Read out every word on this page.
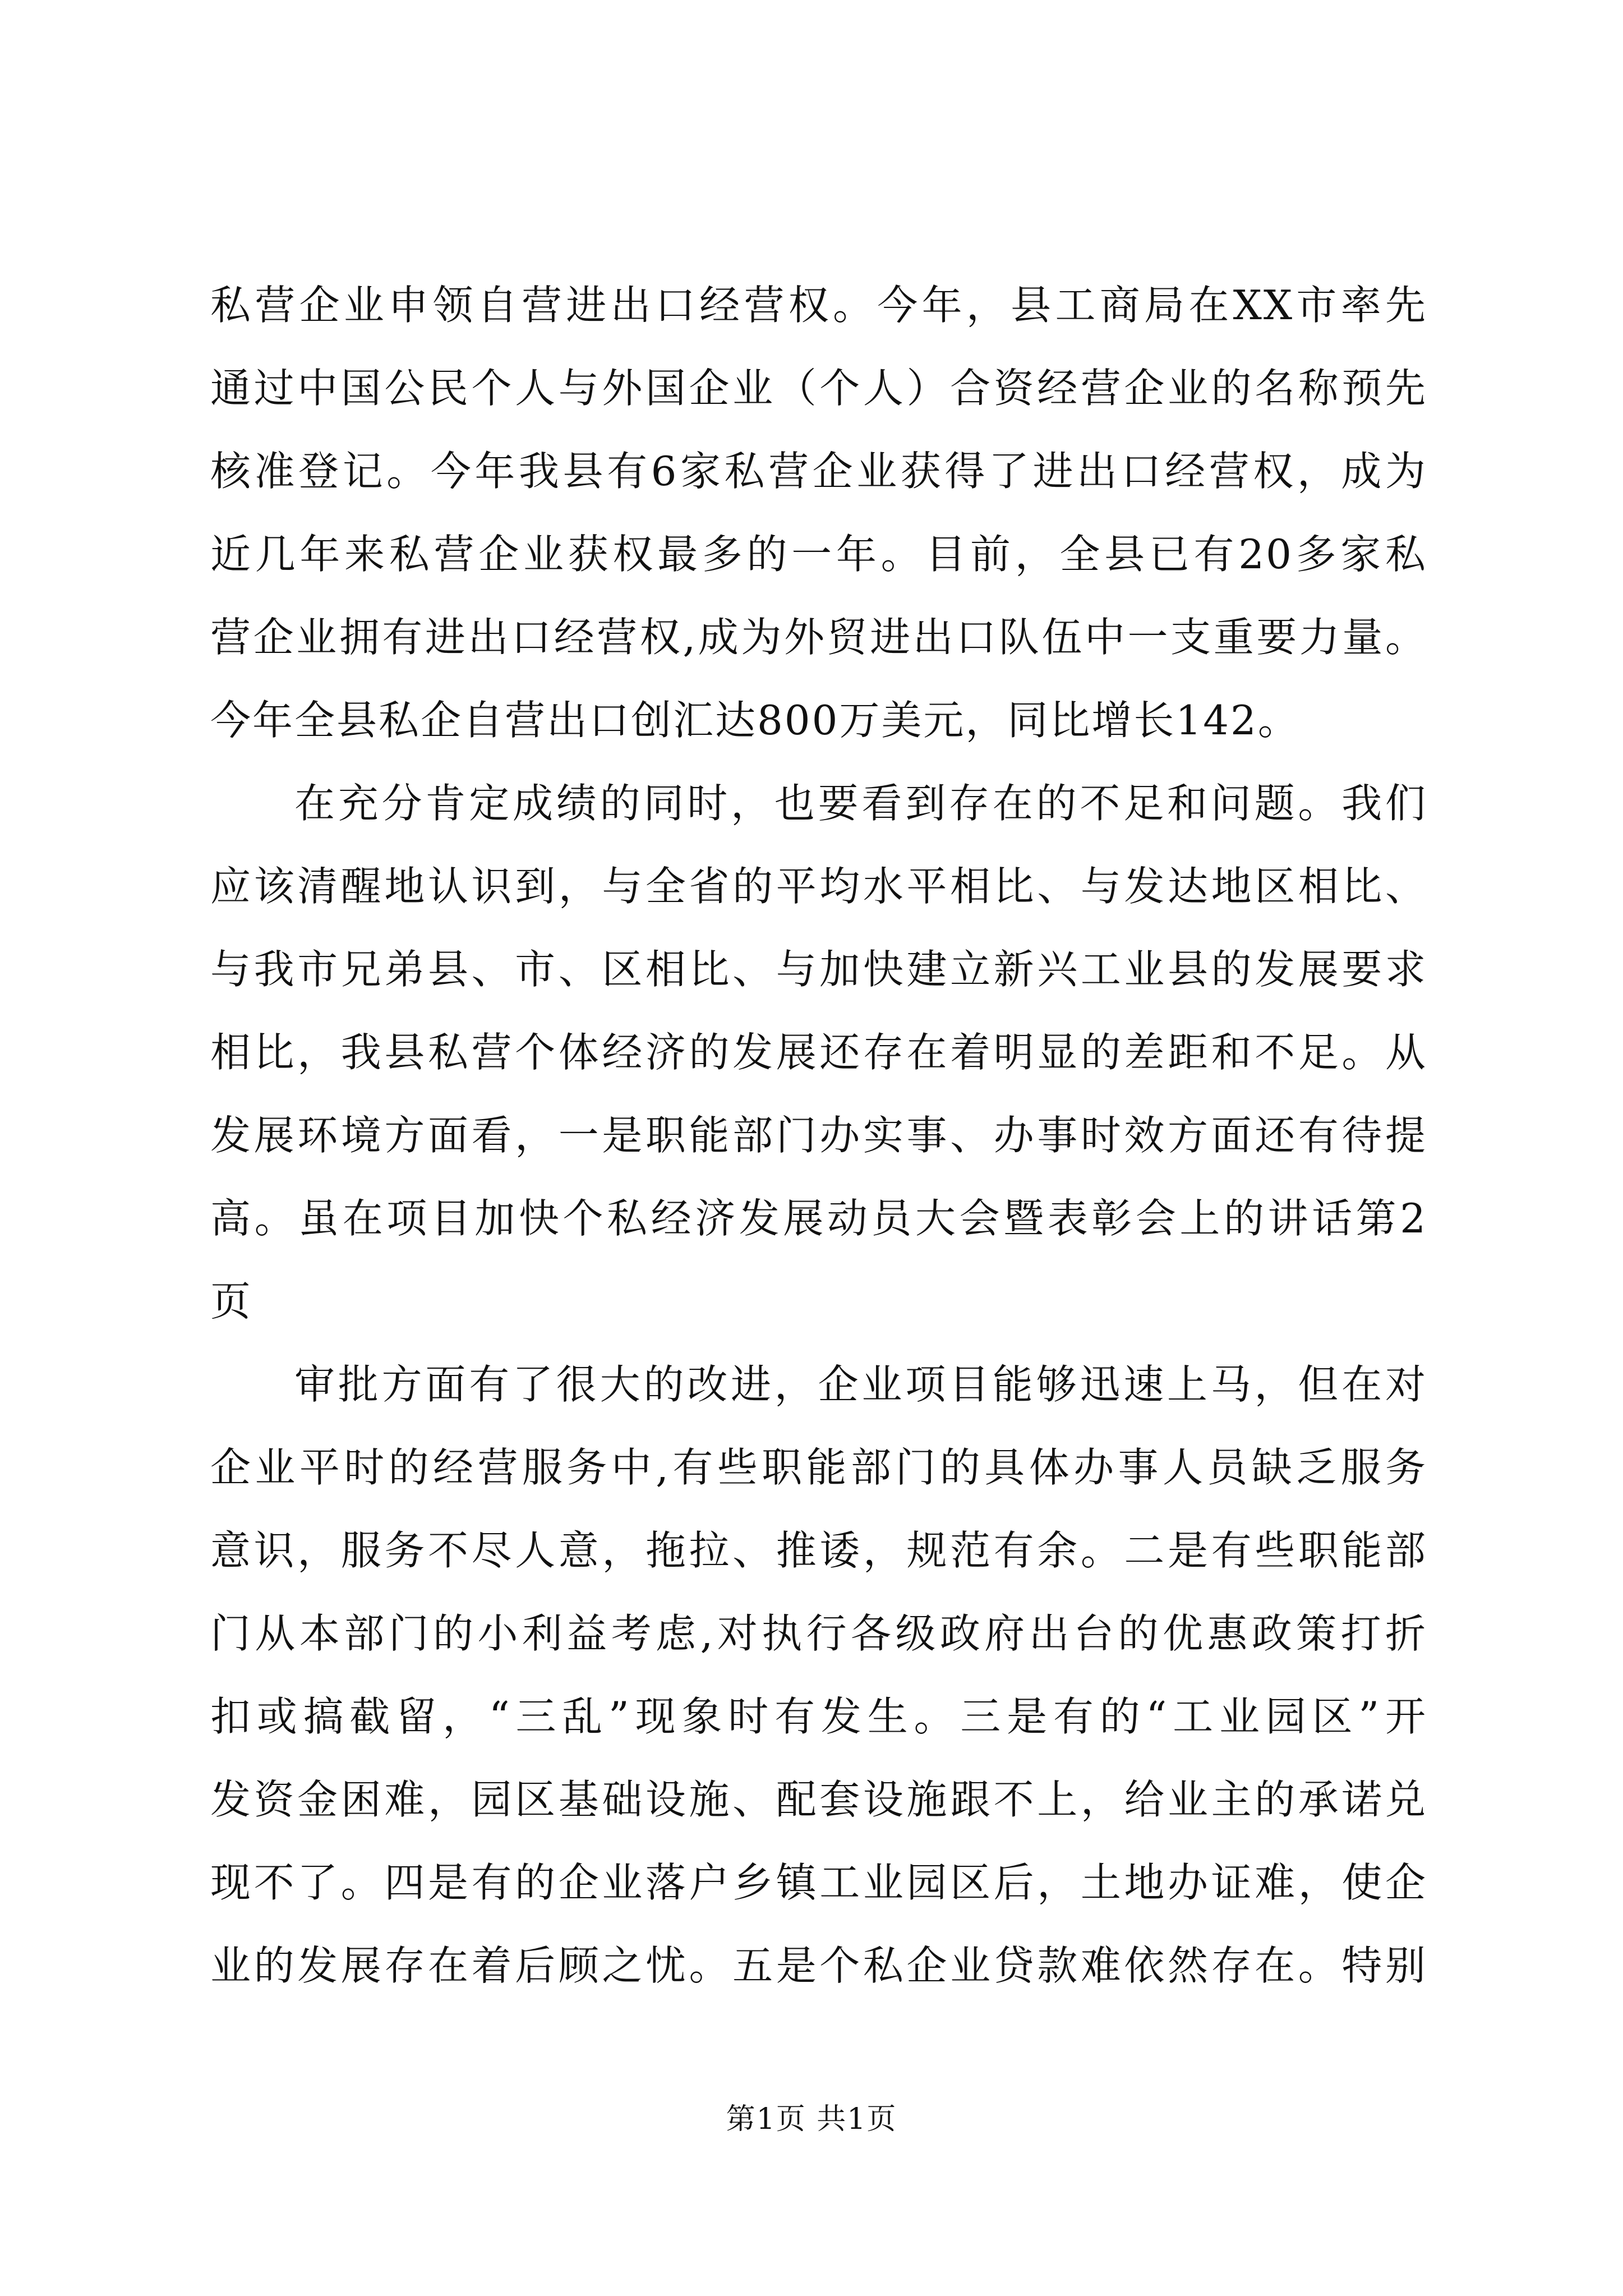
私营企业申领自营进出口经营权。今年，县工商局在XX市率先
通过中国公民个人与外国企业（个人）合资经营企业的名称预先
核准登记。今年我县有6家私营企业获得了进出口经营权，成为
近几年来私营企业获权最多的一年。目前，全县已有20多家私
营企业拥有进出口经营权,成为外贸进出口队伍中一支重要力量。
今年全县私企自营出口创汇达800万美元，同比增长142。
在充分肯定成绩的同时，也要看到存在的不足和问题。我们
应该清醒地认识到，与全省的平均水平相比、与发达地区相比、
与我市兄弟县、市、区相比、与加快建立新兴工业县的发展要求
相比，我县私营个体经济的发展还存在着明显的差距和不足。从
发展环境方面看，一是职能部门办实事、办事时效方面还有待提
高。虽在项目加快个私经济发展动员大会暨表彰会上的讲话第2
页
审批方面有了很大的改进，企业项目能够迅速上马，但在对
企业平时的经营服务中,有些职能部门的具体办事人员缺乏服务
意识，服务不尽人意，拖拉、推诿，规范有余。二是有些职能部
门从本部门的小利益考虑,对执行各级政府出台的优惠政策打折
扣或搞截留，“三乱”现象时有发生。三是有的“工业园区”开
发资金困难，园区基础设施、配套设施跟不上，给业主的承诺兑
现不了。四是有的企业落户乡镇工业园区后，土地办证难，使企
业的发展存在着后顾之忧。五是个私企业贷款难依然存在。特别
第1页 共1页
